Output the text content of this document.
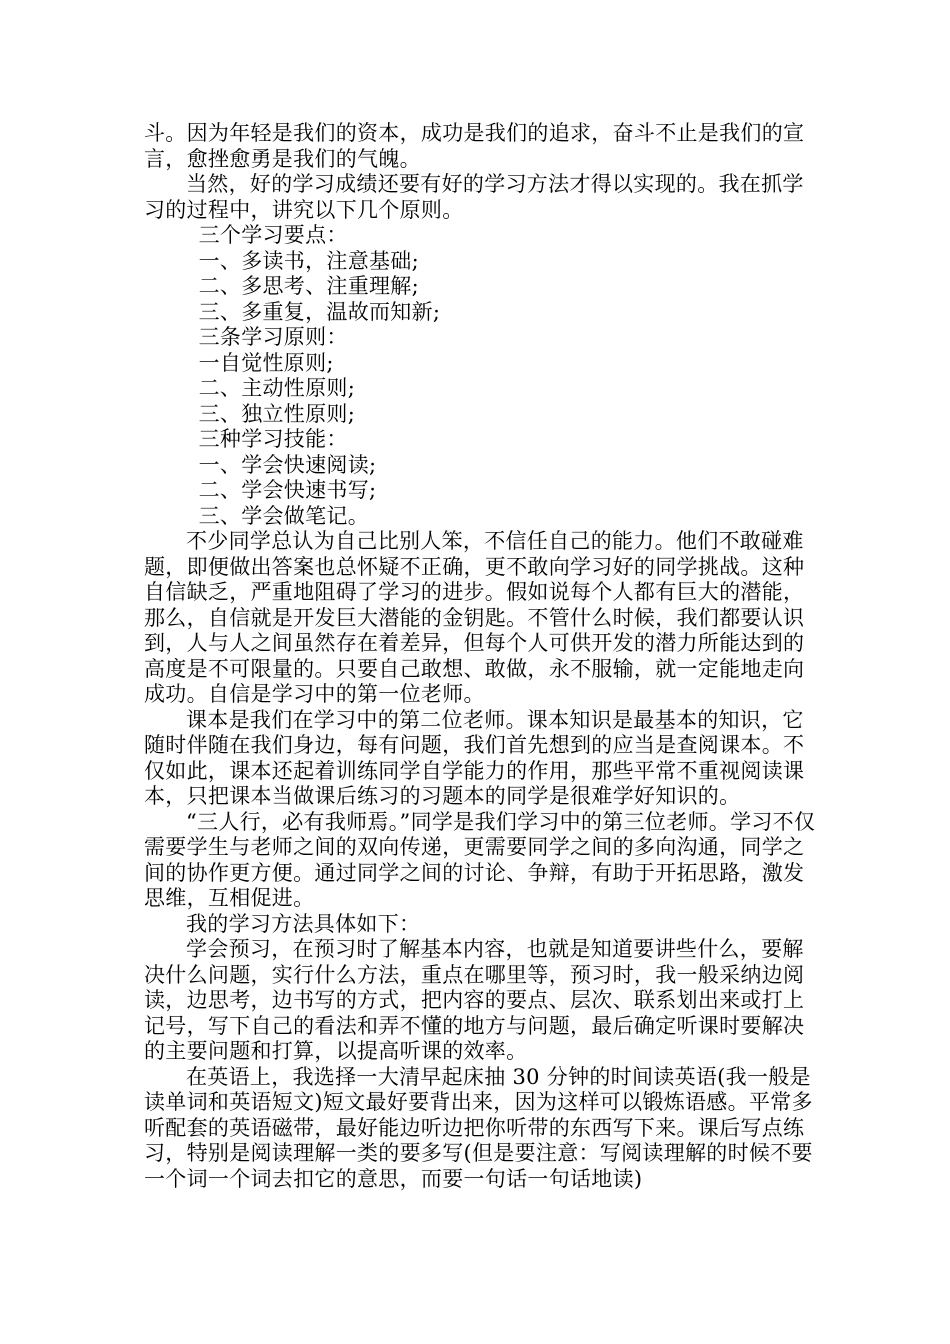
斗。因为年轻是我们的资本，成功是我们的追求，奋斗不止是我们的宣言，愈挫愈勇是我们的气魄。

当然，好的学习成绩还要有好的学习方法才得以实现的。我在抓学习的过程中，讲究以下几个原则。

三个学习要点：

一、多读书，注意基础;

二、多思考、注重理解;

三、多重复，温故而知新;

三条学习原则：

一自觉性原则;

二、主动性原则;

三、独立性原则;

三种学习技能：

一、学会快速阅读;

二、学会快速书写;

三、学会做笔记。

不少同学总认为自己比别人笨，不信任自己的能力。他们不敢碰难题，即便做出答案也总怀疑不正确，更不敢向学习好的同学挑战。这种自信缺乏，严重地阻碍了学习的进步。假如说每个人都有巨大的潜能，那么，自信就是开发巨大潜能的金钥匙。不管什么时候，我们都要认识到，人与人之间虽然存在着差异，但每个人可供开发的潜力所能达到的高度是不可限量的。只要自己敢想、敢做，永不服输，就一定能地走向成功。自信是学习中的第一位老师。

课本是我们在学习中的第二位老师。课本知识是最基本的知识，它随时伴随在我们身边，每有问题，我们首先想到的应当是查阅课本。不仅如此，课本还起着训练同学自学能力的作用，那些平常不重视阅读课本，只把课本当做课后练习的习题本的同学是很难学好知识的。

“三人行，必有我师焉。”同学是我们学习中的第三位老师。学习不仅需要学生与老师之间的双向传递，更需要同学之间的多向沟通，同学之间的协作更方便。通过同学之间的讨论、争辩，有助于开拓思路，激发思维，互相促进。

我的学习方法具体如下：

学会预习，在预习时了解基本内容，也就是知道要讲些什么，要解决什么问题，实行什么方法，重点在哪里等，预习时，我一般采纳边阅读，边思考，边书写的方式，把内容的要点、层次、联系划出来或打上记号，写下自己的看法和弄不懂的地方与问题，最后确定听课时要解决的主要问题和打算，以提高听课的效率。

在英语上，我选择一大清早起床抽 30 分钟的时间读英语(我一般是读单词和英语短文)短文最好要背出来，因为这样可以锻炼语感。平常多听配套的英语磁带，最好能边听边把你听带的东西写下来。课后写点练习，特别是阅读理解一类的要多写(但是要注意：写阅读理解的时候不要一个词一个词去扣它的意思，而要一句话一句话地读)
